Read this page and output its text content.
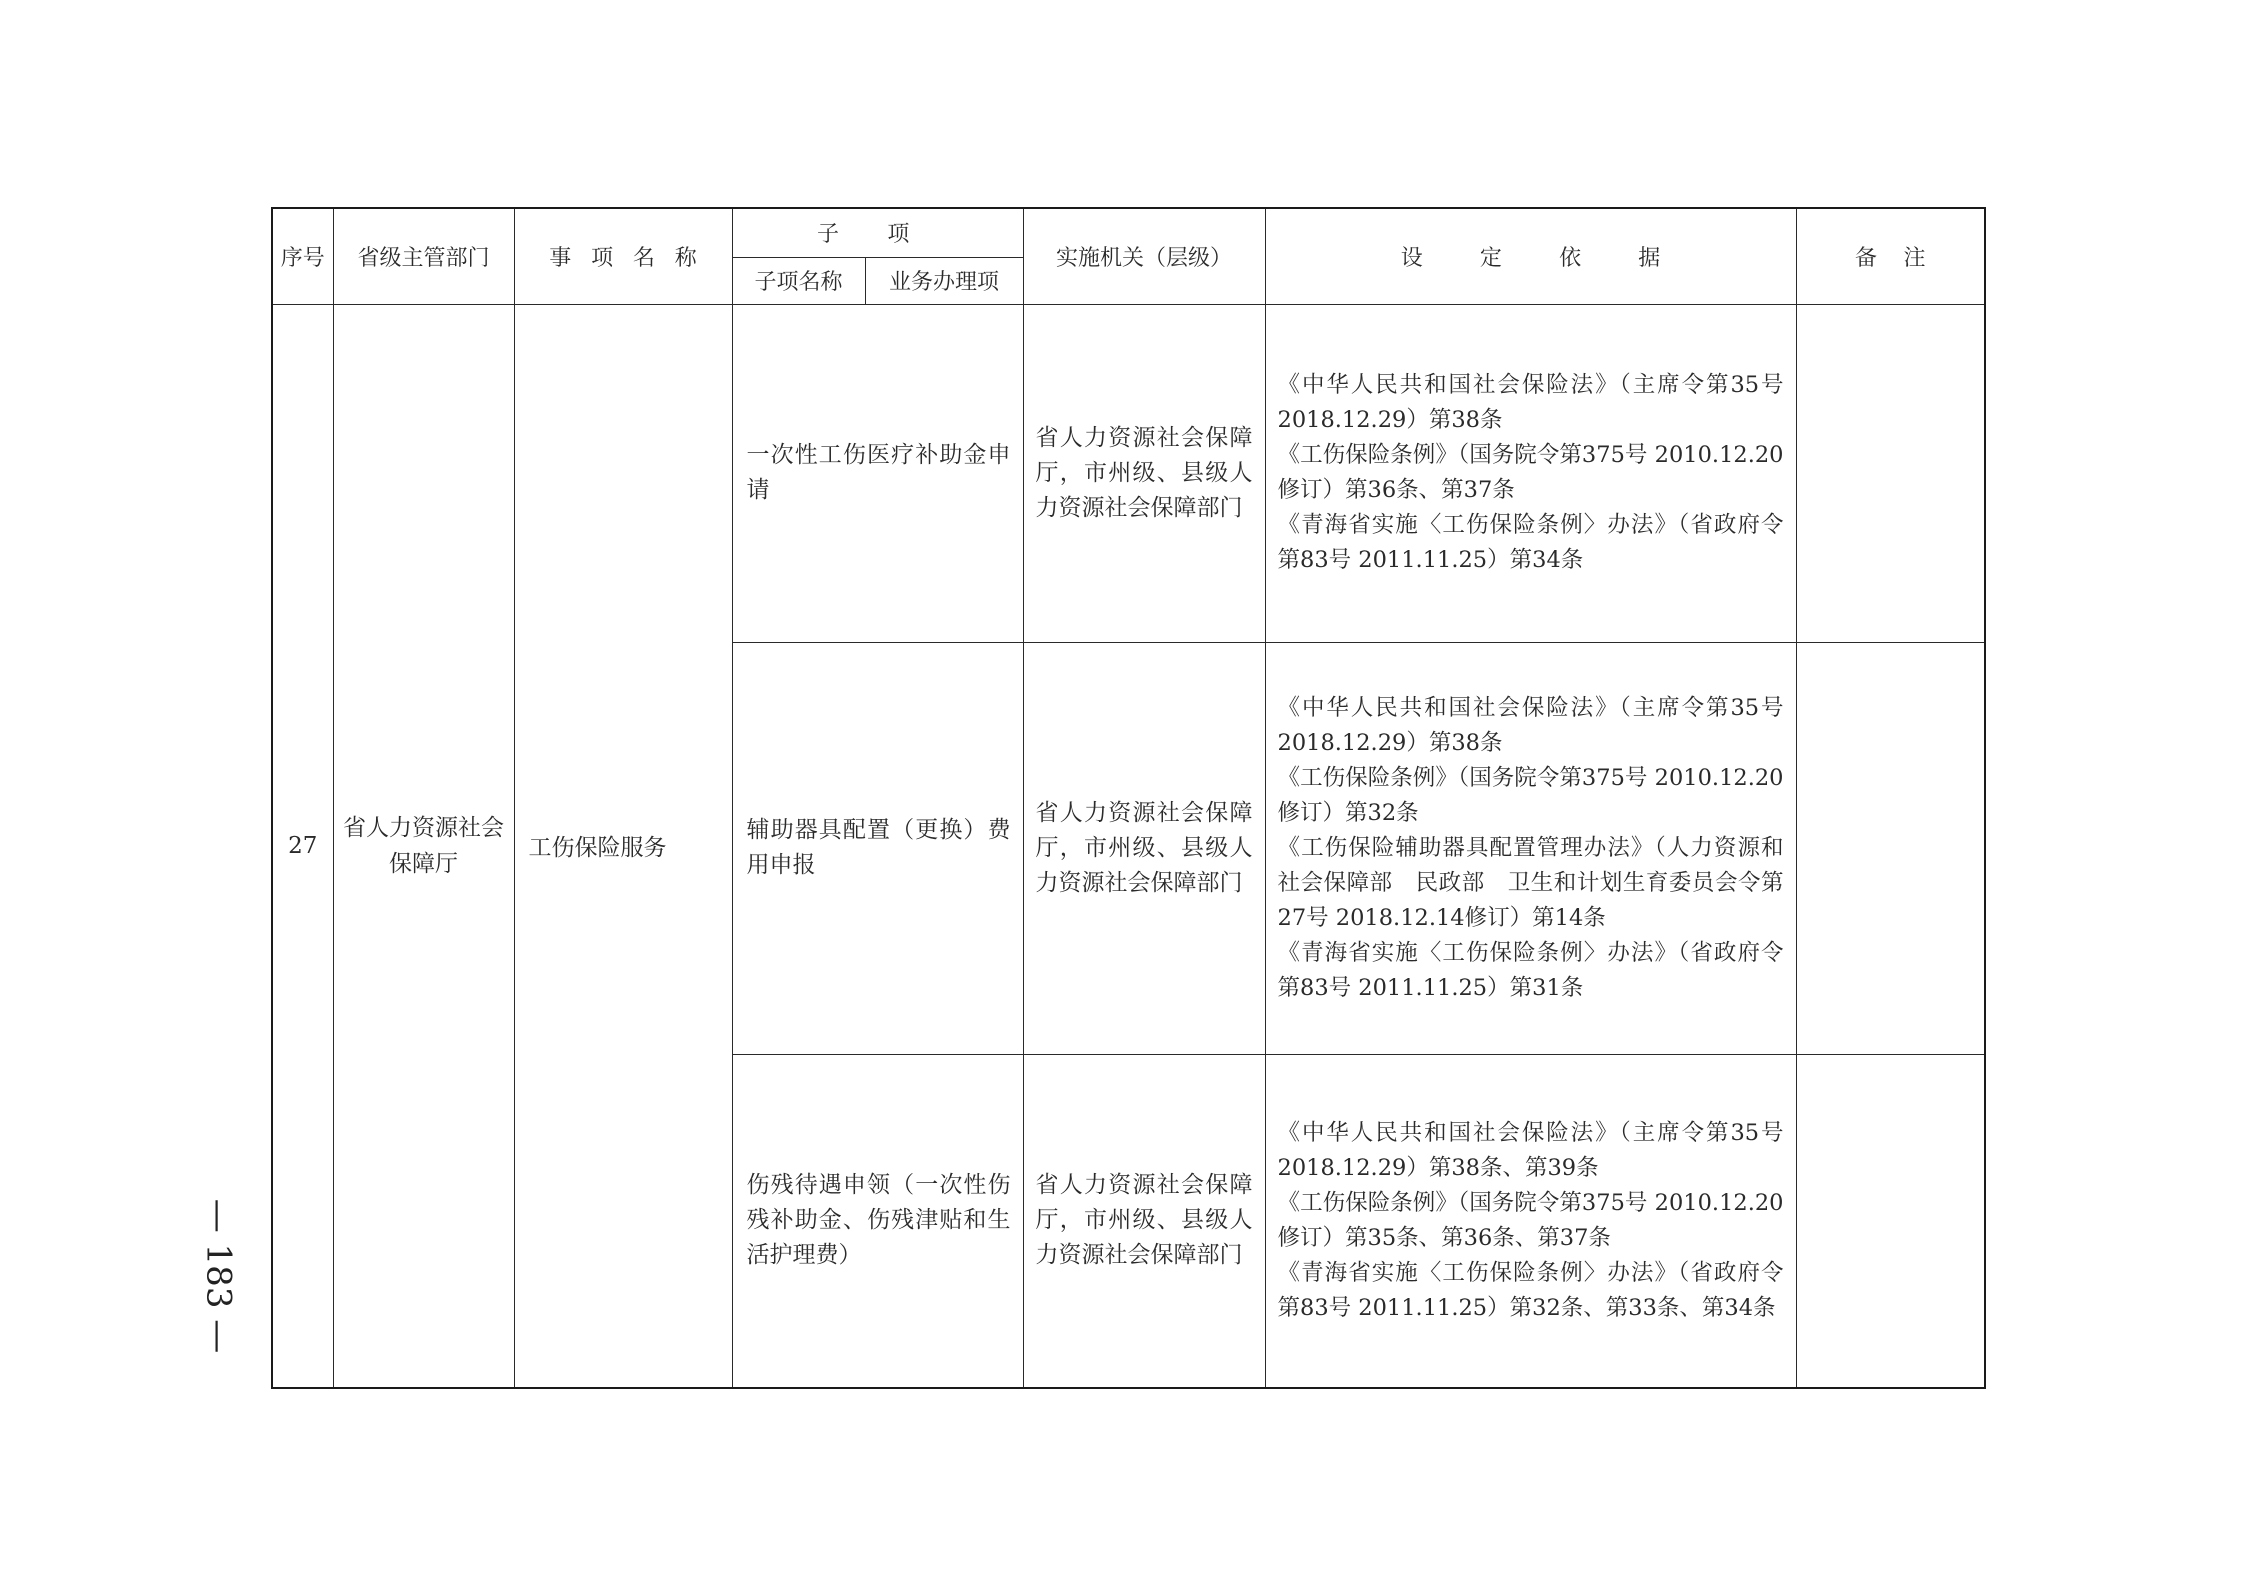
序号	省级主管部门	事项名称	子项		实施机关（层级）	设定依据	备注
			子项名称	业务办理项			
27	省人力资源社会保障厅	工伤保险服务	一次性工伤医疗补助金申请		省人力资源社会保障厅，市州级、县级人力资源社会保障部门	《中华人民共和国社会保险法》（主席令第35号 2018.12.29）第38条
《工伤保险条例》（国务院令第375号 2010.12.20修订）第36条、第37条
《青海省实施〈工伤保险条例〉办法》（省政府令第83号 2011.11.25）第34条	

			辅助器具配置（更换）费用申报		省人力资源社会保障厅，市州级、县级人力资源社会保障部门	《中华人民共和国社会保险法》（主席令第35号 2018.12.29）第38条
《工伤保险条例》（国务院令第375号 2010.12.20修订）第32条
《工伤保险辅助器具配置管理办法》（人力资源和社会保障部　民政部　卫生和计划生育委员会令第27号 2018.12.14修订）第14条
《青海省实施〈工伤保险条例〉办法》（省政府令第83号 2011.11.25）第31条	

			伤残待遇申领（一次性伤残补助金、伤残津贴和生活护理费）		省人力资源社会保障厅，市州级、县级人力资源社会保障部门	《中华人民共和国社会保险法》（主席令第35号 2018.12.29）第38条、第39条
《工伤保险条例》（国务院令第375号 2010.12.20修订）第35条、第36条、第37条
《青海省实施〈工伤保险条例〉办法》（省政府令第83号 2011.11.25）第32条、第33条、第34条	

— 183 —
